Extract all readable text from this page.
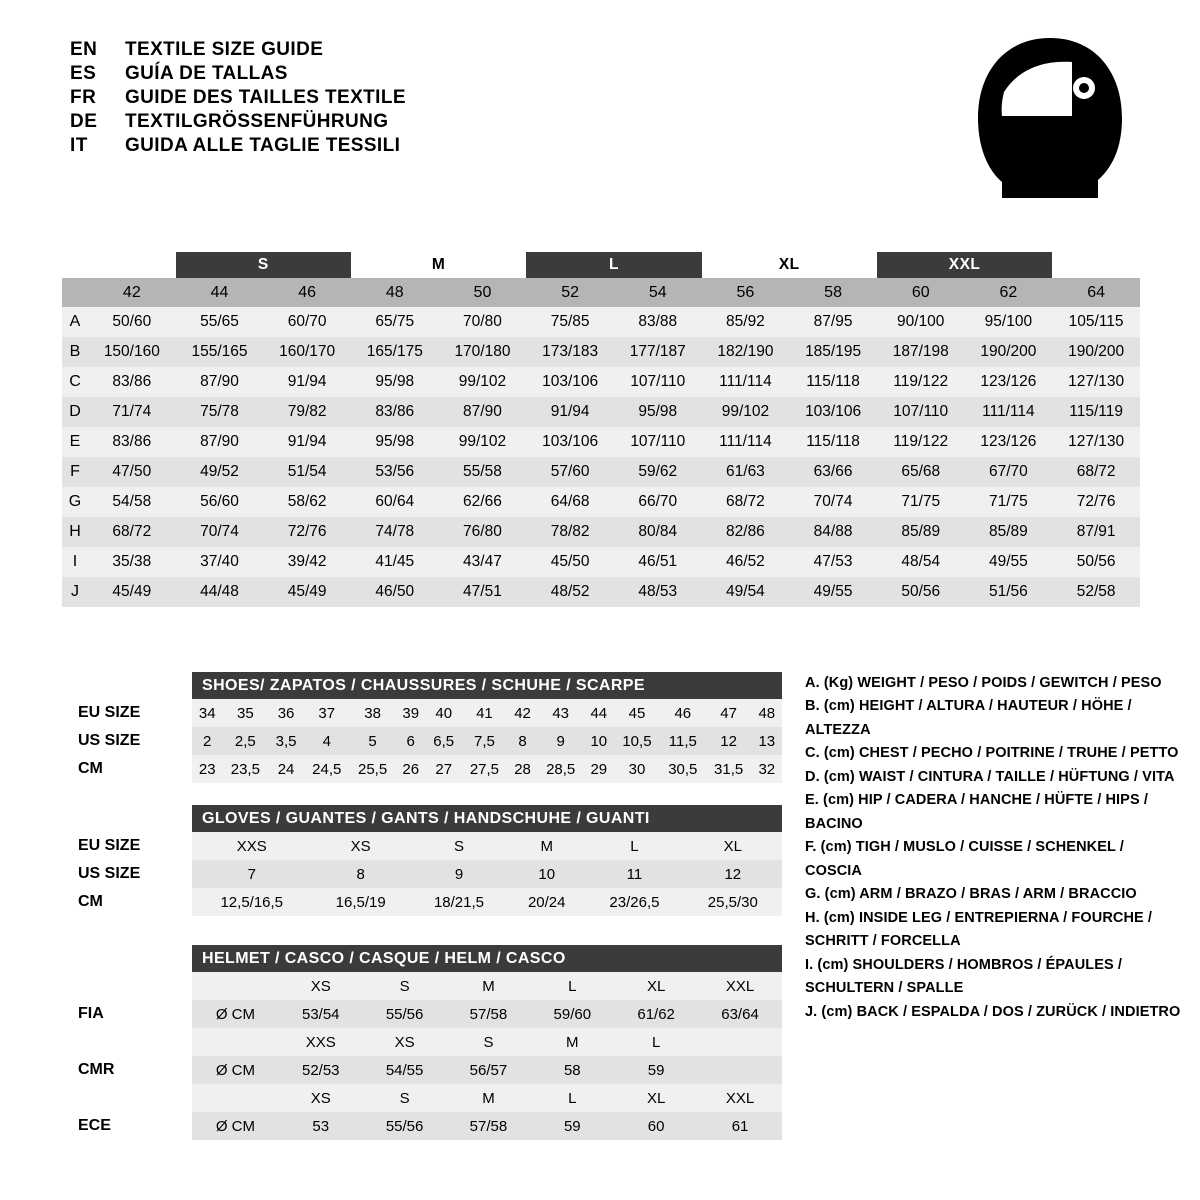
EN	TEXTILE SIZE GUIDE
ES	GUÍA DE TALLAS
FR	GUIDE DES TAILLES TEXTILE
DE	TEXTILGRÖSSENFÜHRUNG
IT	GUIDA ALLE TAGLIE TESSILI
		S		M		L		XL		XXL		
	42	44	46	48	50	52	54	56	58	60	62	64
A	50/60	55/65	60/70	65/75	70/80	75/85	83/88	85/92	87/95	90/100	95/100	105/115
B	150/160	155/165	160/170	165/175	170/180	173/183	177/187	182/190	185/195	187/198	190/200	190/200
C	83/86	87/90	91/94	95/98	99/102	103/106	107/110	111/114	115/118	119/122	123/126	127/130
D	71/74	75/78	79/82	83/86	87/90	91/94	95/98	99/102	103/106	107/110	111/114	115/119
E	83/86	87/90	91/94	95/98	99/102	103/106	107/110	111/114	115/118	119/122	123/126	127/130
F	47/50	49/52	51/54	53/56	55/58	57/60	59/62	61/63	63/66	65/68	67/70	68/72
G	54/58	56/60	58/62	60/64	62/66	64/68	66/70	68/72	70/74	71/75	71/75	72/76
H	68/72	70/74	72/76	74/78	76/80	78/82	80/84	82/86	84/88	85/89	85/89	87/91
I	35/38	37/40	39/42	41/45	43/47	45/50	46/51	46/52	47/53	48/54	49/55	50/56
J	45/49	44/48	45/49	46/50	47/51	48/52	48/53	49/54	49/55	50/56	51/56	52/58
	SHOES/ ZAPATOS / CHAUSSURES / SCHUHE / SCARPE														
EU SIZE	34	35	36	37	38	39	40	41	42	43	44	45	46	47	48
US SIZE	2	2,5	3,5	4	5	6	6,5	7,5	8	9	10	10,5	11,5	12	13
CM	23	23,5	24	24,5	25,5	26	27	27,5	28	28,5	29	30	30,5	31,5	32
	GLOVES / GUANTES / GANTS / HANDSCHUHE / GUANTI					
EU SIZE	XXS	XS	S	M	L	XL
US SIZE	7	8	9	10	11	12
CM	12,5/16,5	16,5/19	18/21,5	20/24	23/26,5	25,5/30
	HELMET / CASCO / CASQUE / HELM / CASCO						
		XS	S	M	L	XL	XXL
FIA	Ø CM	53/54	55/56	57/58	59/60	61/62	63/64
		XXS	XS	S	M	L	
CMR	Ø CM	52/53	54/55	56/57	58	59	
		XS	S	M	L	XL	XXL
ECE	Ø CM	53	55/56	57/58	59	60	61
A. (Kg) WEIGHT / PESO / POIDS / GEWITCH / PESO
B. (cm) HEIGHT / ALTURA / HAUTEUR / HÖHE / ALTEZZA
C. (cm) CHEST / PECHO / POITRINE / TRUHE / PETTO
D. (cm) WAIST / CINTURA / TAILLE / HÜFTUNG / VITA
E. (cm) HIP / CADERA / HANCHE / HÜFTE / HIPS / BACINO
F. (cm) TIGH / MUSLO / CUISSE / SCHENKEL / COSCIA
G. (cm) ARM / BRAZO / BRAS / ARM / BRACCIO
H. (cm) INSIDE LEG / ENTREPIERNA / FOURCHE / SCHRITT / FORCELLA
I. (cm) SHOULDERS / HOMBROS / ÉPAULES / SCHULTERN / SPALLE
J. (cm) BACK / ESPALDA / DOS / ZURÜCK / INDIETRO
